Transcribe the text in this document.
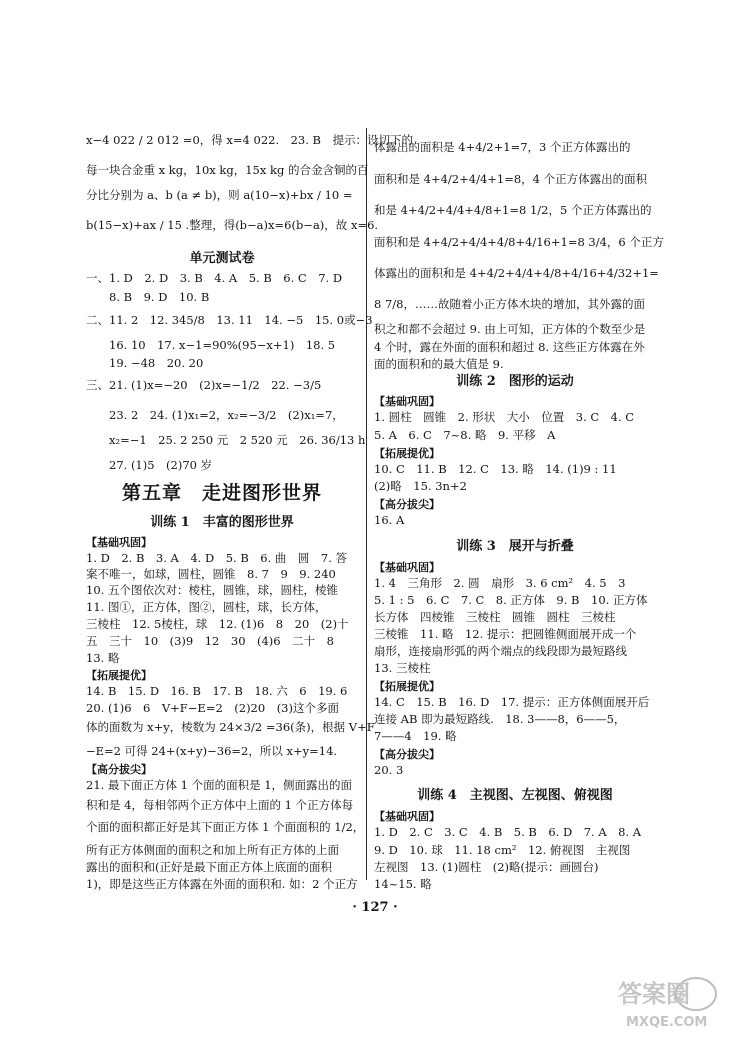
单元测试卷
第五章　走进图形世界
训练 1　丰富的图形世界
x−4 022 / 2 012 =0，得 x=4 022.　23. B　提示：设切下的
每一块合金重 x kg，10x kg，15x kg 的合金含铜的百
分比分别为 a、b (a ≠ b)，则 a(10−x)+bx / 10 =
b(15−x)+ax / 15 .整理，得(b−a)x=6(b−a)，故 x=6.
一、1. D　2. D　3. B　4. A　5. B　6. C　7. D
　　8. B　9. D　10. B
二、11. 2　12. 345/8　13. 11　14. −5　15. 0或−3
　　16. 10　17. x−1=90%(95−x+1)　18. 5
　　19. −48　20. 20
三、21. (1)x=−20　(2)x=−1/2　22. −3/5
　　23. 2　24. (1)x₁=2，x₂=−3/2　(2)x₁=7，
　　x₂=−1　25. 2 250 元　2 520 元　26. 36/13 h
　　27. (1)5　(2)70 岁
【基础巩固】
1. D　2. B　3. A　4. D　5. B　6. 曲　圆　7. 答
案不唯一，如球，圆柱，圆锥　8. 7　9　9. 240
10. 五个图依次对：棱柱，圆锥，球，圆柱，棱锥
11. 图①，正方体，图②，圆柱，球，长方体，
三棱柱　12. 5棱柱，球　12. (1)6　8　20　(2)十
五　三十　10　(3)9　12　30　(4)6　二十　8
13. 略
【拓展提优】
14. B　15. D　16. B　17. B　18. 六　6　19. 6
20. (1)6　6　V+F−E=2　(2)20　(3)这个多面
体的面数为 x+y，棱数为 24×3/2 =36(条)，根据 V+F
−E=2 可得 24+(x+y)−36=2，所以 x+y=14.
【高分拔尖】
21. 最下面正方体 1 个面的面积是 1，侧面露出的面
积和是 4，每相邻两个正方体中上面的 1 个正方体每
个面的面积都正好是其下面正方体 1 个面面积的 1/2，
所有正方体侧面的面积之和加上所有正方体的上面
露出的面积和(正好是最下面正方体上底面的面积
1)，即是这些正方体露在外面的面积和. 如：2 个正方
训练 2　图形的运动
训练 3　展开与折叠
训练 4　主视图、左视图、俯视图
体露出的面积是 4+4/2+1=7，3 个正方体露出的
面积和是 4+4/2+4/4+1=8，4 个正方体露出的面积
和是 4+4/2+4/4+4/8+1=8 1/2，5 个正方体露出的
面积和是 4+4/2+4/4+4/8+4/16+1=8 3/4，6 个正方
体露出的面积和是 4+4/2+4/4+4/8+4/16+4/32+1=
8 7/8，……故随着小正方体木块的增加，其外露的面
积之和都不会超过 9. 由上可知，正方体的个数至少是
4 个时，露在外面的面积和超过 8. 这些正方体露在外
面的面积和的最大值是 9.
【基础巩固】
1. 圆柱　圆锥　2. 形状　大小　位置　3. C　4. C
5. A　6. C　7~8. 略　9. 平移　A
【拓展提优】
10. C　11. B　12. C　13. 略　14. (1)9 : 11
(2)略　15. 3n+2
【高分拔尖】
16. A
【基础巩固】
1. 4　三角形　2. 圆　扇形　3. 6 cm²　4. 5　3
5. 1 : 5　6. C　7. C　8. 正方体　9. B　10. 正方体
长方体　四棱锥　三棱柱　圆锥　圆柱　三棱柱
三棱锥　11. 略　12. 提示：把圆锥侧面展开成一个
扇形，连接扇形弧的两个端点的线段即为最短路线
13. 三棱柱
【拓展提优】
14. C　15. B　16. D　17. 提示：正方体侧面展开后
连接 AB 即为最短路线.　18. 3——8，6——5，
7——4　19. 略
【高分拔尖】
20. 3
【基础巩固】
1. D　2. C　3. C　4. B　5. B　6. D　7. A　8. A
9. D　10. 球　11. 18 cm²　12. 俯视图　主视图
左视图　13. (1)圆柱　(2)略(提示：画圆台)
14~15. 略
· 127 ·
答案圈
MXQE.COM
